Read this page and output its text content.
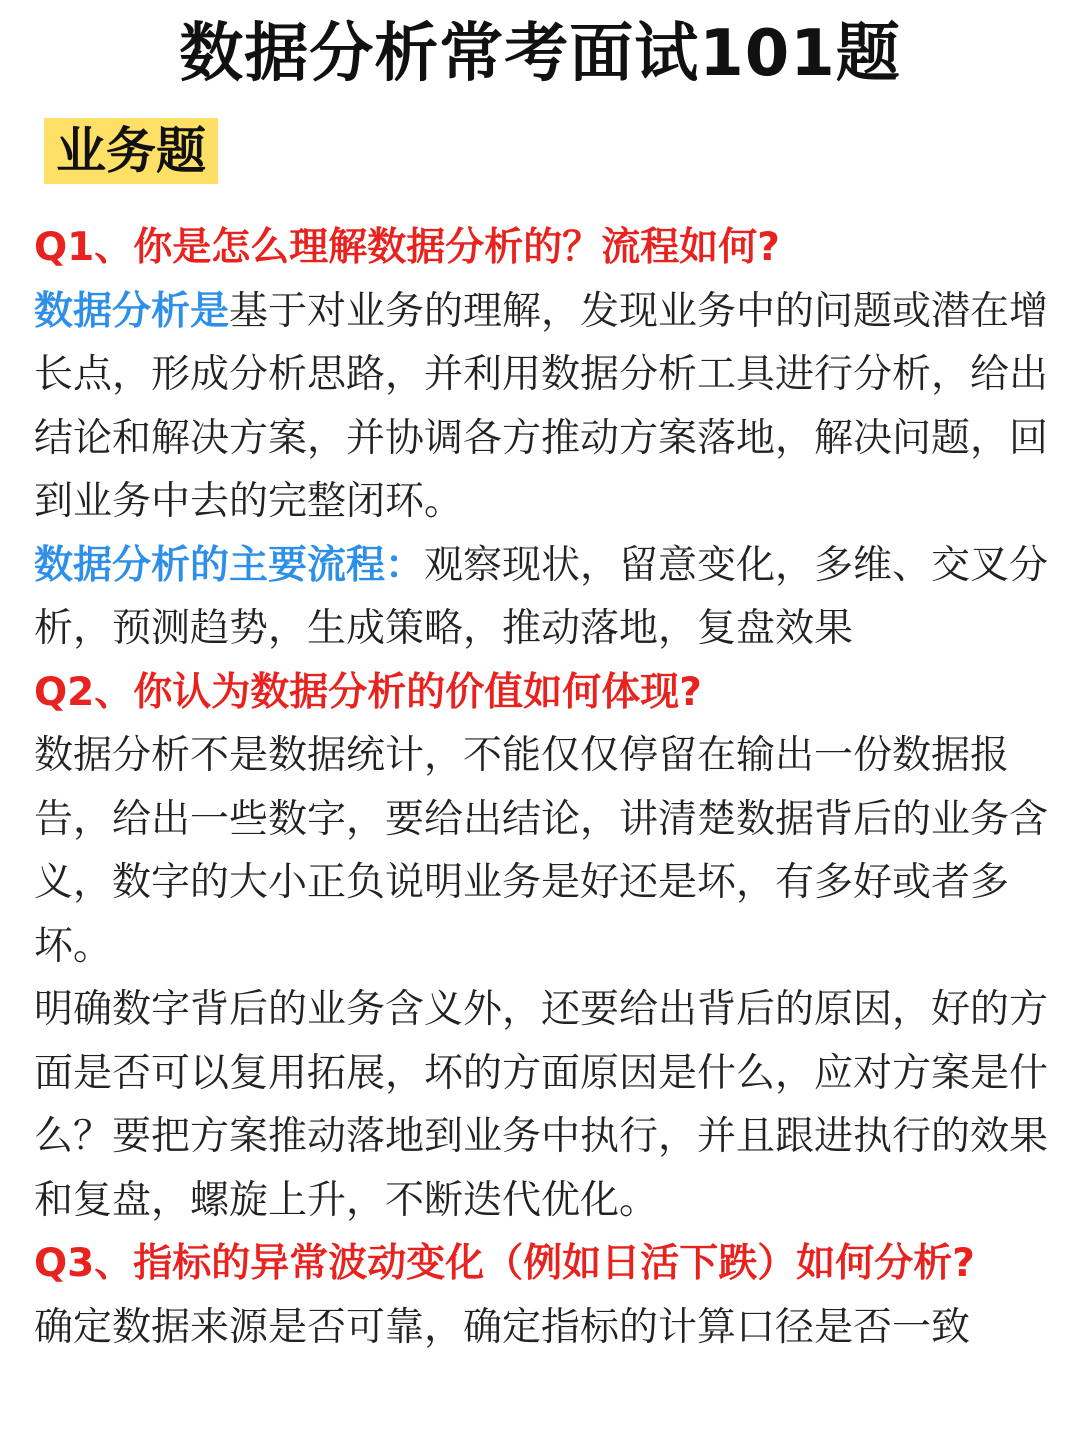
数据分析常考面试101题
业务题

Q1、你是怎么理解数据分析的？流程如何?

数据分析是基于对业务的理解，发现业务中的问题或潜在增长点，形成分析思路，并利用数据分析工具进行分析，给出结论和解决方案，并协调各方推动方案落地，解决问题，回到业务中去的完整闭环。

数据分析的主要流程：观察现状，留意变化，多维、交叉分析，预测趋势，生成策略，推动落地，复盘效果

Q2、你认为数据分析的价值如何体现?

数据分析不是数据统计，不能仅仅停留在输出一份数据报告，给出一些数字，要给出结论，讲清楚数据背后的业务含义，数字的大小正负说明业务是好还是坏，有多好或者多坏。

明确数字背后的业务含义外，还要给出背后的原因，好的方面是否可以复用拓展，坏的方面原因是什么，应对方案是什么？要把方案推动落地到业务中执行，并且跟进执行的效果和复盘，螺旋上升，不断迭代优化。

Q3、指标的异常波动变化（例如日活下跌）如何分析?

确定数据来源是否可靠，确定指标的计算口径是否一致
